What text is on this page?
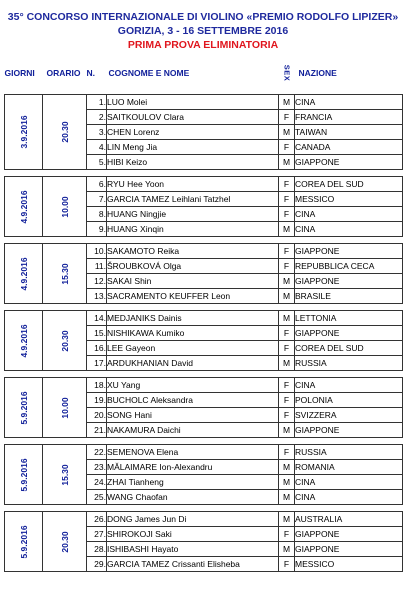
35° CONCORSO INTERNAZIONALE DI VIOLINO «PREMIO RODOLFO LIPIZER»
GORIZIA, 3 - 16 SETTEMBRE 2016
PRIMA PROVA ELIMINATORIA
GIORNI	ORARIO	N.	COGNOME E NOME	SEX	NAZIONE

3.9.2016	20.30	1.	LUO Molei	M	CINA
		2.	SAITKOULOV Clara	F	FRANCIA
		3.	CHEN Lorenz	M	TAIWAN
		4.	LIN Meng Jia	F	CANADA
		5.	HIBI Keizo	M	GIAPPONE

4.9.2016	10.00	6.	RYU Hee Yoon	F	COREA DEL SUD
		7.	GARCIA TAMEZ Leihlani Tatzhel	F	MESSICO
		8.	HUANG Ningjie	F	CINA
		9.	HUANG Xinqin	M	CINA

4.9.2016	15.30	10.	SAKAMOTO Reika	F	GIAPPONE
		11.	ŠROUBKOVÁ Olga	F	REPUBBLICA CECA
		12.	SAKAI Shin	M	GIAPPONE
		13.	SACRAMENTO KEUFFER Leon	M	BRASILE

4.9.2016	20.30	14.	MEDJANIKS Dainis	M	LETTONIA
		15.	NISHIKAWA Kumiko	F	GIAPPONE
		16.	LEE Gayeon	F	COREA DEL SUD
		17.	ARDUKHANIAN David	M	RUSSIA

5.9.2016	10.00	18.	XU Yang	F	CINA
		19.	BUCHOLC Aleksandra	F	POLONIA
		20.	SONG Hani	F	SVIZZERA
		21.	NAKAMURA Daichi	M	GIAPPONE

5.9.2016	15.30	22.	SEMENOVA Elena	F	RUSSIA
		23.	MĂLAIMARE Ion-Alexandru	M	ROMANIA
		24.	ZHAI Tianheng	M	CINA
		25.	WANG Chaofan	M	CINA

5.9.2016	20.30	26.	DONG James Jun Di	M	AUSTRALIA
		27.	SHIROKOJI Saki	F	GIAPPONE
		28.	ISHIBASHI Hayato	M	GIAPPONE
		29.	GARCIA TAMEZ Crissanti Elisheba	F	MESSICO
